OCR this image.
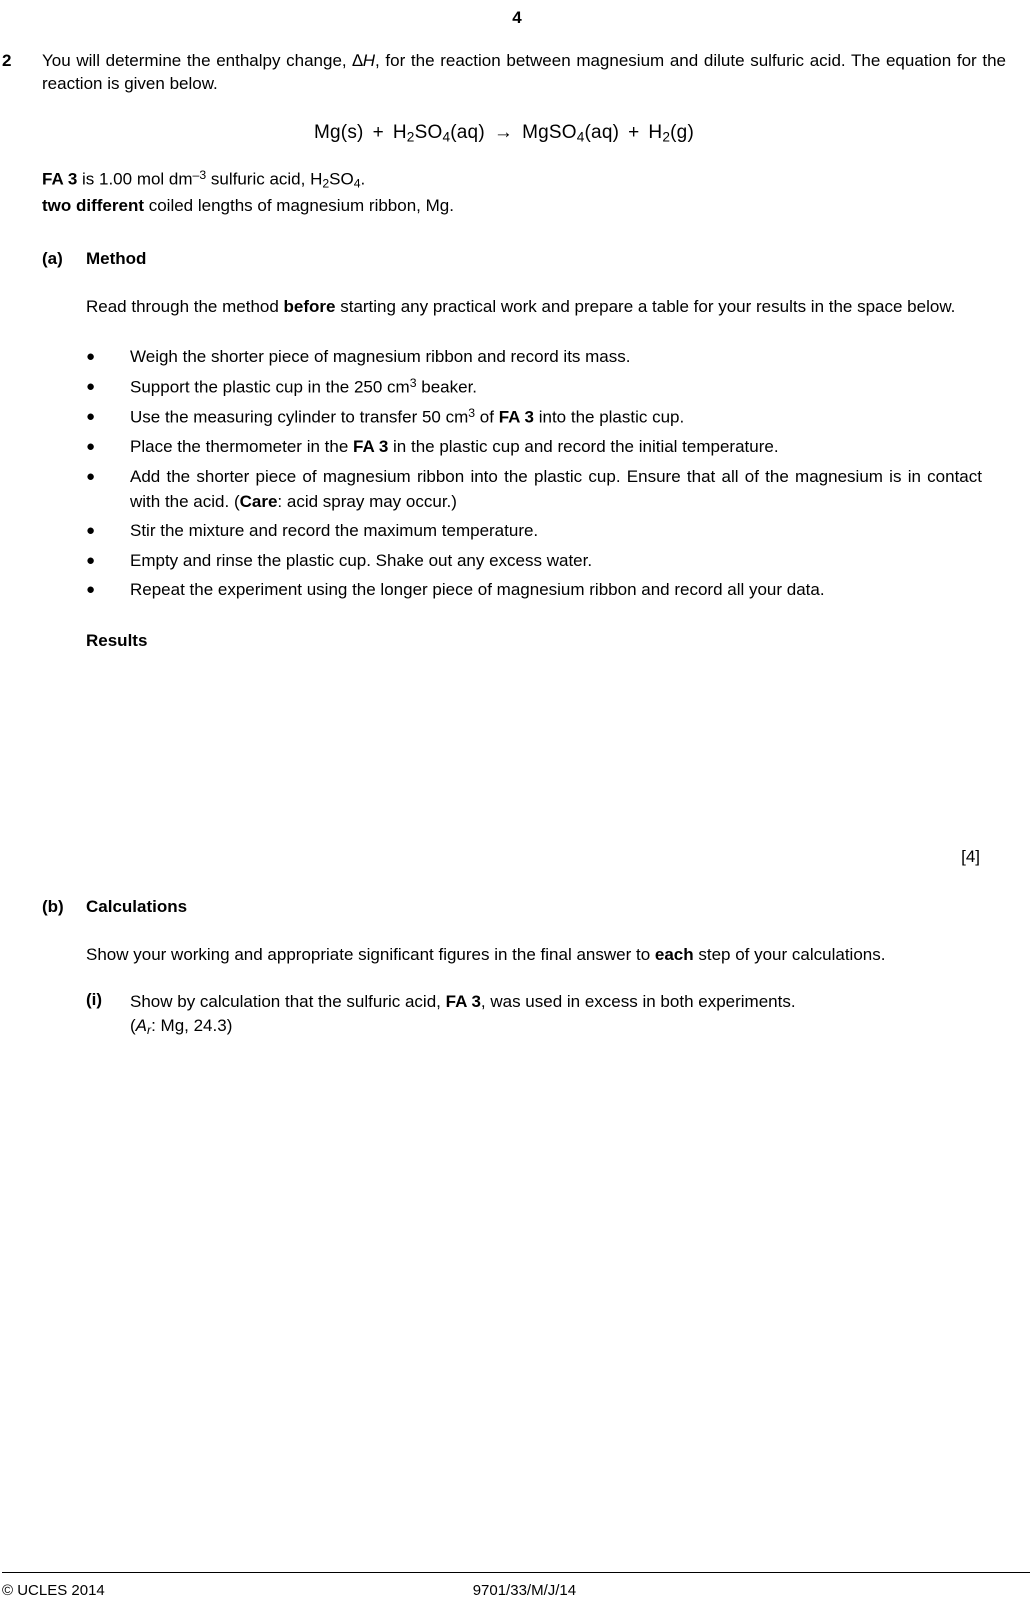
4
2	You will determine the enthalpy change, ∆H, for the reaction between magnesium and dilute sulfuric acid. The equation for the reaction is given below.
$Mg(s) + H_2SO_4(aq)$ → MgSO$_4$(aq) + $H_2(g)$
FA 3 is 1.00 mol $dm^{-3}$ sulfuric acid, $H_2SO_4$.
two different coiled lengths of magnesium ribbon, Mg.
(a)	Method
Read through the method before starting any practical work and prepare a table for your results in the space below.
●	Weigh the shorter piece of magnesium ribbon and record its mass.
●	Support the plastic cup in the 250 $cm^3$ beaker.
●	Use the measuring cylinder to transfer 50 $cm^3$ of FA 3 into the plastic cup.
●	Place the thermometer in the FA 3 in the plastic cup and record the initial temperature.
●	Add the shorter piece of magnesium ribbon into the plastic cup. Ensure that all of the magnesium is in contact with the acid. (Care: acid spray may occur.)
●	Stir the mixture and record the maximum temperature.
●	Empty and rinse the plastic cup. Shake out any excess water.
●	Repeat the experiment using the longer piece of magnesium ribbon and record all your data.
Results
[4]
(b)	Calculations
Show your working and appropriate significant figures in the final answer to each step of your calculations.
(i)	Show by calculation that the sulfuric acid, FA 3, was used in excess in both experiments.
($A_r$: Mg, 24.3)
© UCLES 2014	9701/33/M/J/14
